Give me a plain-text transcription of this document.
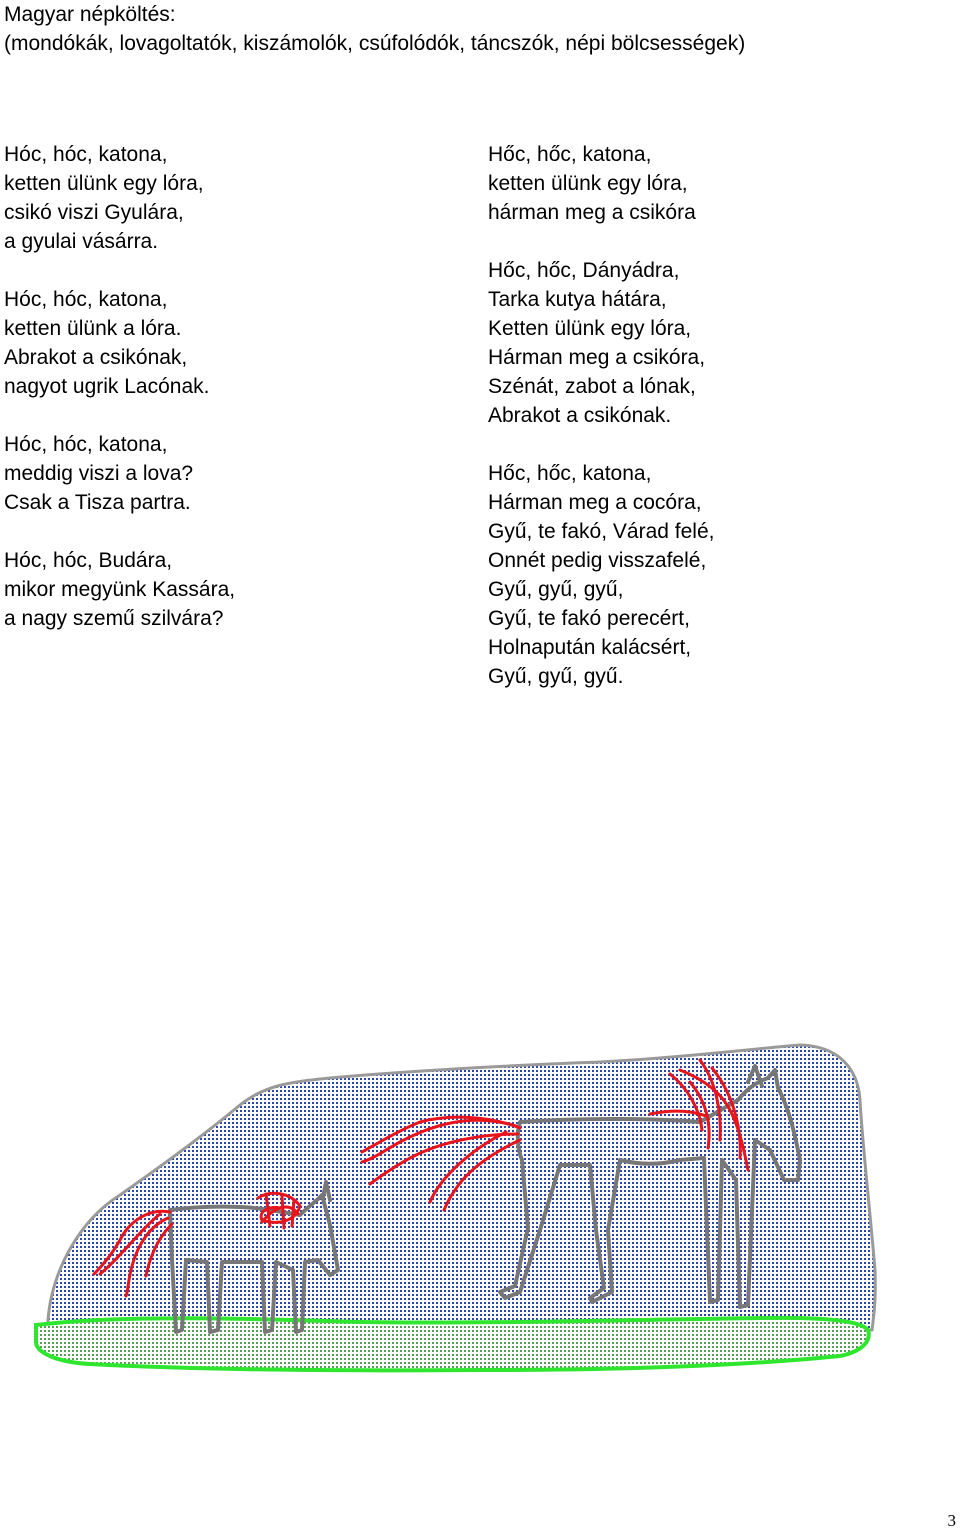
Magyar népköltés:
(mondókák, lovagoltatók, kiszámolók, csúfolódók, táncszók, népi bölcsességek)
Hóc, hóc, katona,
ketten ülünk egy lóra,
csikó viszi Gyulára,
a gyulai vásárra.
Hóc, hóc, katona,
ketten ülünk a lóra.
Abrakot a csikónak,
nagyot ugrik Lacónak.
Hóc, hóc, katona,
meddig viszi a lova?
Csak a Tisza partra.
Hóc, hóc, Budára,
mikor megyünk Kassára,
a nagy szemű szilvára?
Hőc, hőc, katona,
ketten ülünk egy lóra,
hárman meg a csikóra
Hőc, hőc, Dányádra,
Tarka kutya hátára,
Ketten ülünk egy lóra,
Hárman meg a csikóra,
Szénát, zabot a lónak,
Abrakot a csikónak.
Hőc, hőc, katona,
Hárman meg a cocóra,
Gyű, te fakó, Várad felé,
Onnét pedig visszafelé,
Gyű, gyű, gyű,
Gyű, te fakó perecért,
Holnapután kalácsért,
Gyű, gyű, gyű.
3
